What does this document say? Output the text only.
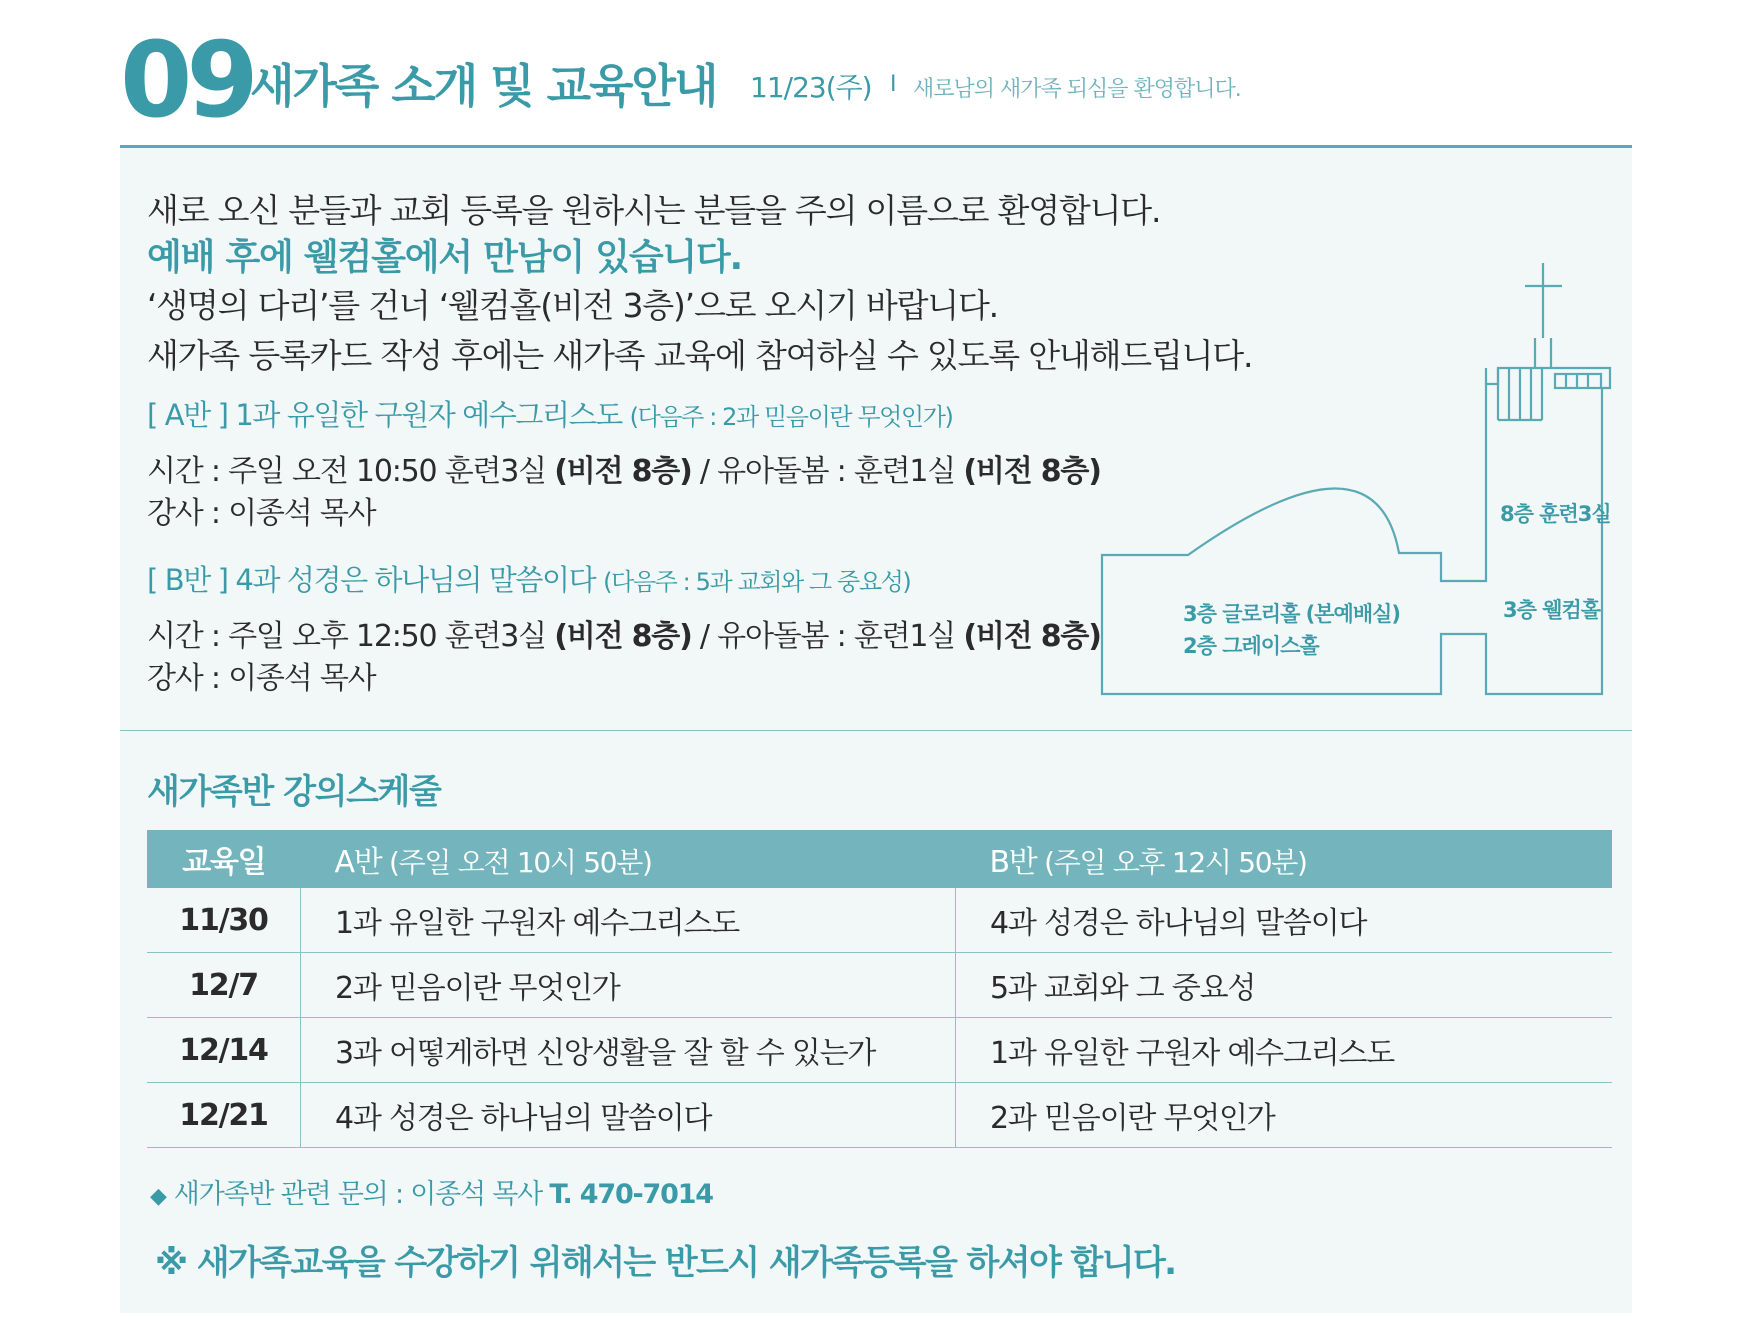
09
새가족 소개 및 교육안내 11/23(주) I 새로남의 새가족 되심을 환영합니다.
새로 오신 분들과 교회 등록을 원하시는 분들을 주의 이름으로 환영합니다.
예배 후에 웰컴홀에서 만남이 있습니다.
‘생명의 다리’를 건너 ‘웰컴홀(비전 3층)’으로 오시기 바랍니다.
새가족 등록카드 작성 후에는 새가족 교육에 참여하실 수 있도록 안내해드립니다.
[ A반 ] 1과 유일한 구원자 예수그리스도 (다음주 : 2과 믿음이란 무엇인가)
시간 : 주일 오전 10:50 훈련3실 (비전 8층) / 유아돌봄 : 훈련1실 (비전 8층)
강사 : 이종석 목사
[ B반 ] 4과 성경은 하나님의 말씀이다 (다음주 : 5과 교회와 그 중요성)
시간 : 주일 오후 12:50 훈련3실 (비전 8층) / 유아돌봄 : 훈련1실 (비전 8층)
강사 : 이종석 목사
8층 훈련3실
3층 웰컴홀
3층 글로리홀 (본예배실)
2층 그레이스홀
새가족반 강의스케줄
교육일	A반 (주일 오전 10시 50분)	B반 (주일 오후 12시 50분)
11/30	1과 유일한 구원자 예수그리스도	4과 성경은 하나님의 말씀이다
12/7	2과 믿음이란 무엇인가	5과 교회와 그 중요성
12/14	3과 어떻게하면 신앙생활을 잘 할 수 있는가	1과 유일한 구원자 예수그리스도
12/21	4과 성경은 하나님의 말씀이다	2과 믿음이란 무엇인가
◆ 새가족반 관련 문의 : 이종석 목사 T. 470-7014
※ 새가족교육을 수강하기 위해서는 반드시 새가족등록을 하셔야 합니다.
